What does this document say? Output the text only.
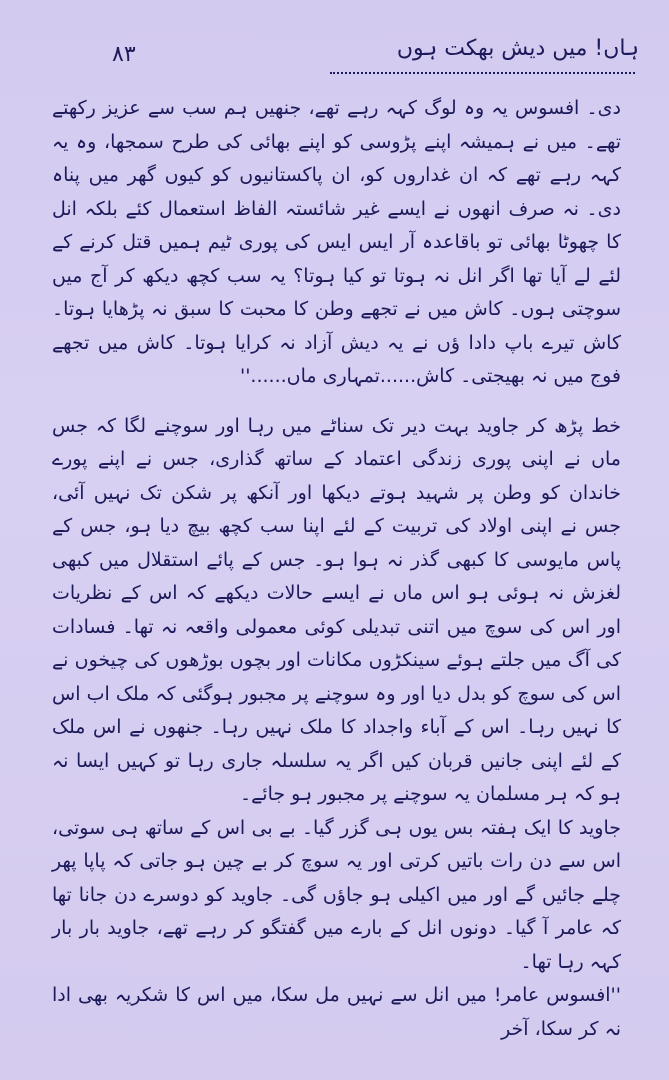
۸۳	ہاں! میں دیش بھکت ہوں

دی۔ افسوس یہ وہ لوگ کہہ رہے تھے، جنھیں ہم سب سے عزیز رکھتے تھے۔ میں نے ہمیشہ اپنے پڑوسی کو اپنے بھائی کی طرح سمجھا، وہ یہ کہہ رہے تھے کہ ان غداروں کو، ان پاکستانیوں کو کیوں گھر میں پناہ دی۔ نہ صرف انھوں نے ایسے غیر شائستہ الفاظ استعمال کئے بلکہ انل کا چھوٹا بھائی تو باقاعدہ آر ایس ایس کی پوری ٹیم ہمیں قتل کرنے کے لئے لے آیا تھا اگر انل نہ ہوتا تو کیا ہوتا؟ یہ سب کچھ دیکھ کر آج میں سوچتی ہوں۔ کاش میں نے تجھے وطن کا محبت کا سبق نہ پڑھایا ہوتا۔ کاش تیرے باپ دادا ؤں نے یہ دیش آزاد نہ کرایا ہوتا۔ کاش میں تجھے فوج میں نہ بھیجتی۔ کاش......تمہاری ماں......''

خط پڑھ کر جاوید بہت دیر تک سناٹے میں رہا اور سوچنے لگا کہ جس ماں نے اپنی پوری زندگی اعتماد کے ساتھ گذاری، جس نے اپنے پورے خاندان کو وطن پر شہید ہوتے دیکھا اور آنکھ پر شکن تک نہیں آئی، جس نے اپنی اولاد کی تربیت کے لئے اپنا سب کچھ بیچ دیا ہو، جس کے پاس مایوسی کا کبھی گذر نہ ہوا ہو۔ جس کے پائے استقلال میں کبھی لغزش نہ ہوئی ہو اس ماں نے ایسے حالات دیکھے کہ اس کے نظریات اور اس کی سوچ میں اتنی تبدیلی کوئی معمولی واقعہ نہ تھا۔ فسادات کی آگ میں جلتے ہوئے سینکڑوں مکانات اور بچوں بوڑھوں کی چیخوں نے اس کی سوچ کو بدل دیا اور وہ سوچنے پر مجبور ہوگئی کہ ملک اب اس کا نہیں رہا۔ اس کے آباء واجداد کا ملک نہیں رہا۔ جنھوں نے اس ملک کے لئے اپنی جانیں قربان کیں اگر یہ سلسلہ جاری رہا تو کہیں ایسا نہ ہو کہ ہر مسلمان یہ سوچنے پر مجبور ہو جائے۔

جاوید کا ایک ہفتہ بس یوں ہی گزر گیا۔ بے بی اس کے ساتھ ہی سوتی، اس سے دن رات باتیں کرتی اور یہ سوچ کر بے چین ہو جاتی کہ پاپا پھر چلے جائیں گے اور میں اکیلی ہو جاؤں گی۔ جاوید کو دوسرے دن جانا تھا کہ عامر آ گیا۔ دونوں انل کے بارے میں گفتگو کر رہے تھے، جاوید بار بار کہہ رہا تھا۔

''افسوس عامر! میں انل سے نہیں مل سکا، میں اس کا شکریہ بھی ادا نہ کر سکا، آخر
